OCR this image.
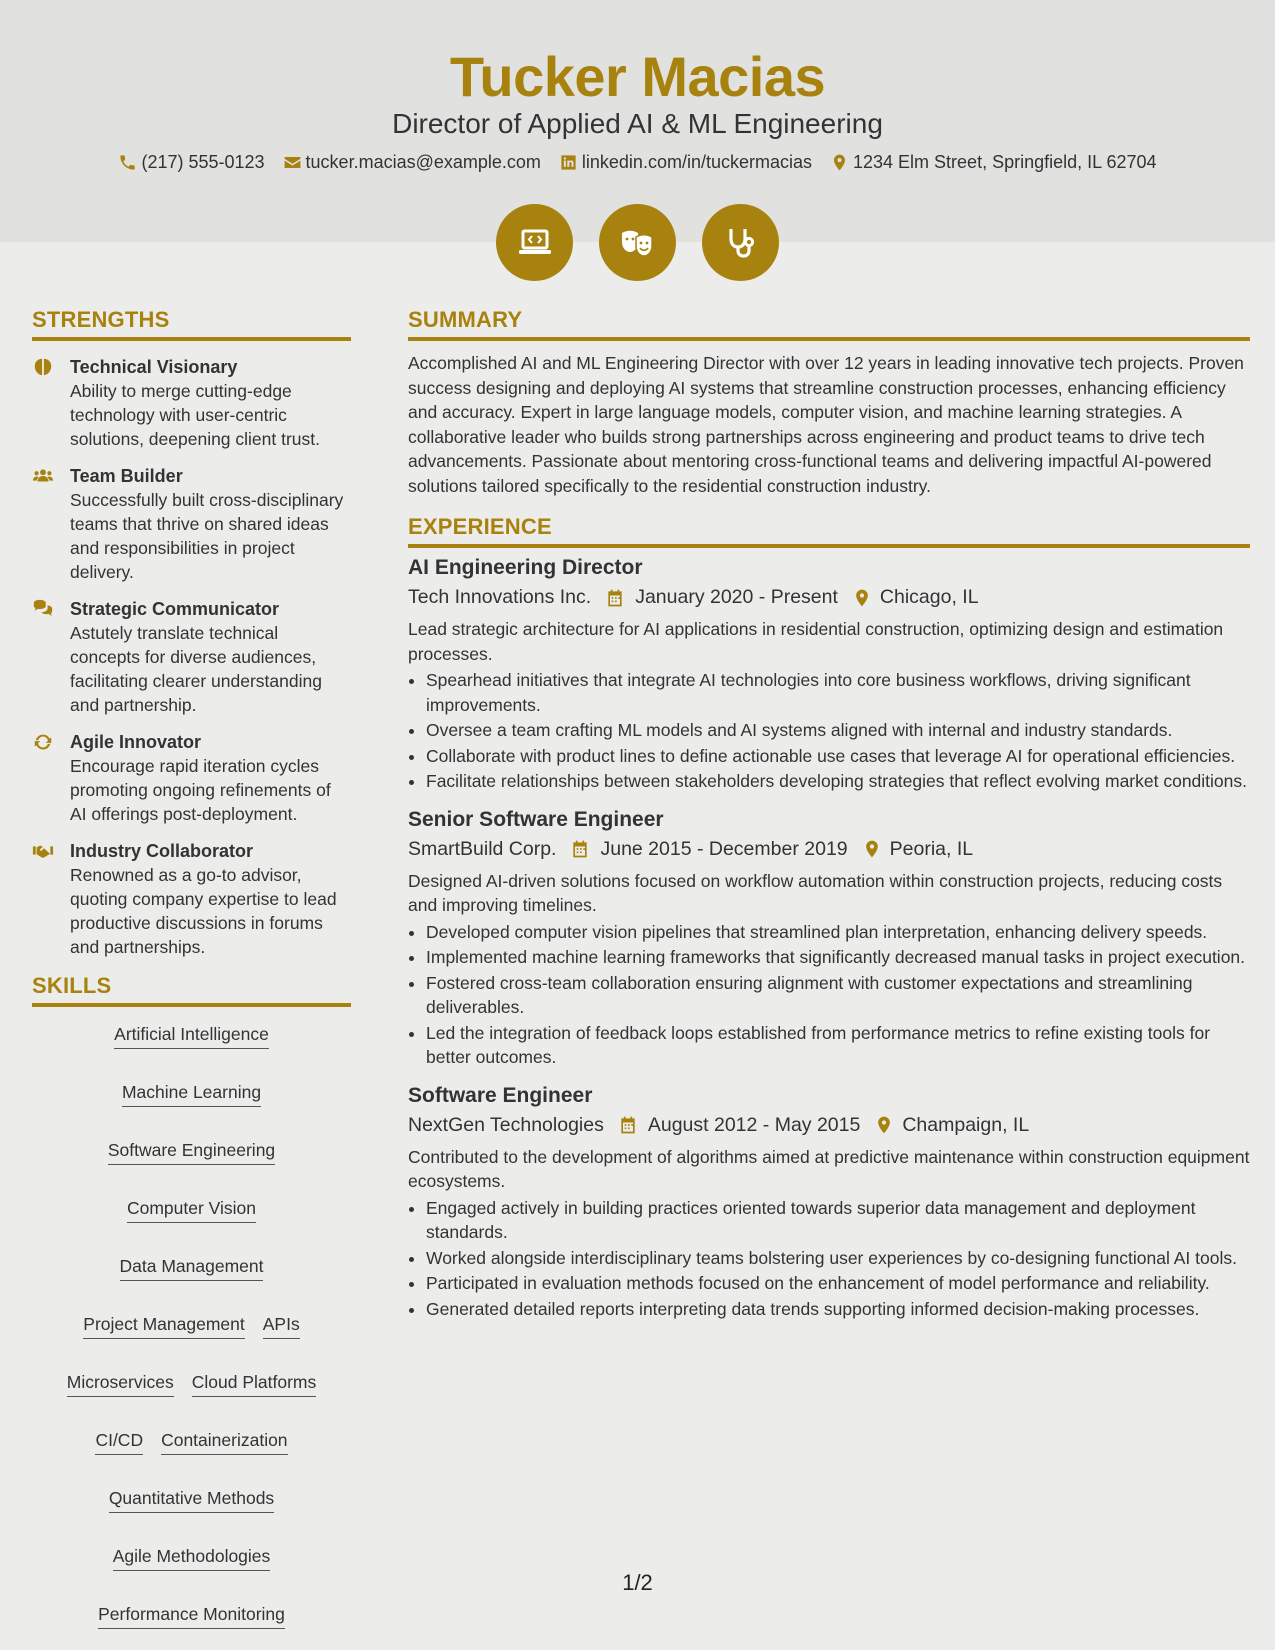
Tucker Macias
Director of Applied AI & ML Engineering
(217) 555-0123 tucker.macias@example.com linkedin.com/in/tuckermacias 1234 Elm Street, Springfield, IL 62704
STRENGTHS
Technical Visionary
Ability to merge cutting-edge technology with user-centric solutions, deepening client trust.
Team Builder
Successfully built cross-disciplinary teams that thrive on shared ideas and responsibilities in project delivery.
Strategic Communicator
Astutely translate technical concepts for diverse audiences, facilitating clearer understanding and partnership.
Agile Innovator
Encourage rapid iteration cycles promoting ongoing refinements of AI offerings post-deployment.
Industry Collaborator
Renowned as a go-to advisor, quoting company expertise to lead productive discussions in forums and partnerships.
SKILLS
Artificial Intelligence
Machine Learning
Software Engineering
Computer Vision
Data Management
Project Management APIs
Microservices Cloud Platforms
CI/CD Containerization
Quantitative Methods
Agile Methodologies
Performance Monitoring
SUMMARY
Accomplished AI and ML Engineering Director with over 12 years in leading innovative tech projects. Proven success designing and deploying AI systems that streamline construction processes, enhancing efficiency and accuracy. Expert in large language models, computer vision, and machine learning strategies. A collaborative leader who builds strong partnerships across engineering and product teams to drive tech advancements. Passionate about mentoring cross-functional teams and delivering impactful AI-powered solutions tailored specifically to the residential construction industry.
EXPERIENCE
AI Engineering Director
Tech Innovations Inc. January 2020 - Present Chicago, IL
Lead strategic architecture for AI applications in residential construction, optimizing design and estimation processes.
• Spearhead initiatives that integrate AI technologies into core business workflows, driving significant improvements.
• Oversee a team crafting ML models and AI systems aligned with internal and industry standards.
• Collaborate with product lines to define actionable use cases that leverage AI for operational efficiencies.
• Facilitate relationships between stakeholders developing strategies that reflect evolving market conditions.
Senior Software Engineer
SmartBuild Corp. June 2015 - December 2019 Peoria, IL
Designed AI-driven solutions focused on workflow automation within construction projects, reducing costs and improving timelines.
• Developed computer vision pipelines that streamlined plan interpretation, enhancing delivery speeds.
• Implemented machine learning frameworks that significantly decreased manual tasks in project execution.
• Fostered cross-team collaboration ensuring alignment with customer expectations and streamlining deliverables.
• Led the integration of feedback loops established from performance metrics to refine existing tools for better outcomes.
Software Engineer
NextGen Technologies August 2012 - May 2015 Champaign, IL
Contributed to the development of algorithms aimed at predictive maintenance within construction equipment ecosystems.
• Engaged actively in building practices oriented towards superior data management and deployment standards.
• Worked alongside interdisciplinary teams bolstering user experiences by co-designing functional AI tools.
• Participated in evaluation methods focused on the enhancement of model performance and reliability.
• Generated detailed reports interpreting data trends supporting informed decision-making processes.
1/2
